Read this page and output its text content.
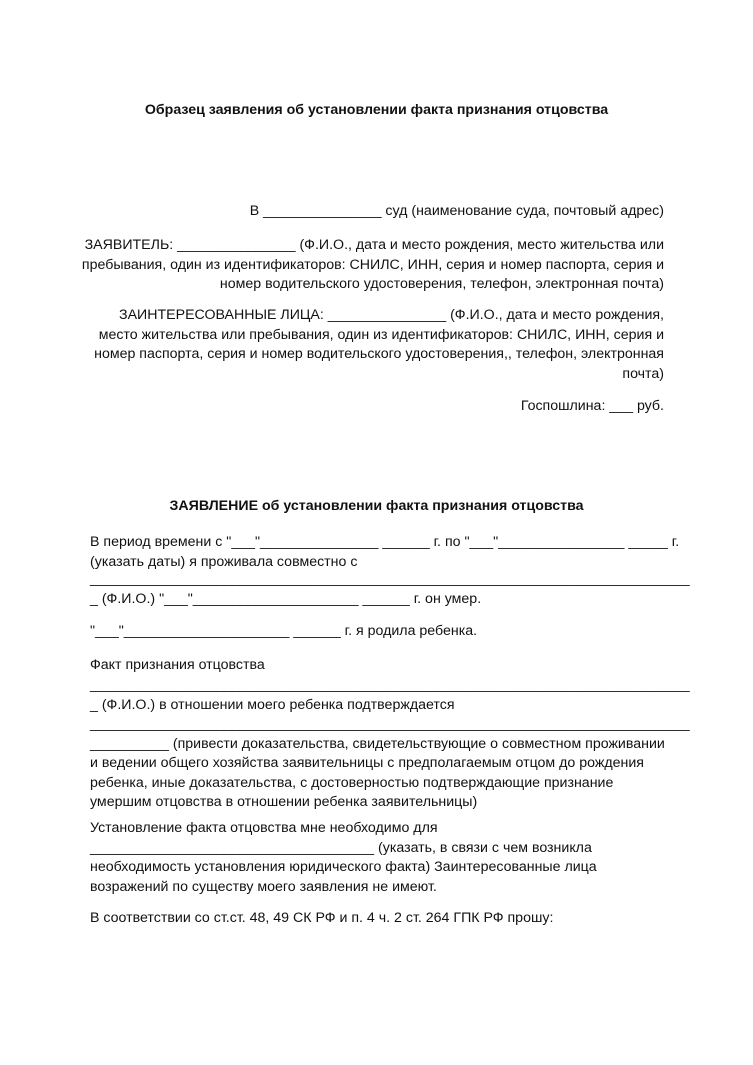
Образец заявления об установлении факта признания отцовства
В _______________ суд (наименование суда, почтовый адрес)
ЗАЯВИТЕЛЬ: _______________ (Ф.И.О., дата и место рождения, место жительства или
пребывания, один из идентификаторов: СНИЛС, ИНН, серия и номер паспорта, серия и
номер водительского удостоверения, телефон, электронная почта)
ЗАИНТЕРЕСОВАННЫЕ ЛИЦА: _______________ (Ф.И.О., дата и место рождения,
место жительства или пребывания, один из идентификаторов: СНИЛС, ИНН, серия и
номер паспорта, серия и номер водительского удостоверения,, телефон, электронная
почта)
Госпошлина: ___ руб.
ЗАЯВЛЕНИЕ об установлении факта признания отцовства
В период времени с "___"_______________ ______ г. по "___"________________ _____ г.
(указать даты) я проживала совместно с
____________________________________________________________________________
_ (Ф.И.О.) "___"_____________________ ______ г. он умер.
"___"_____________________ ______ г. я родила ребенка.
Факт признания отцовства
____________________________________________________________________________
_ (Ф.И.О.) в отношении моего ребенка подтверждается
____________________________________________________________________________
__________ (привести доказательства, свидетельствующие о совместном проживании
и ведении общего хозяйства заявительницы с предполагаемым отцом до рождения
ребенка, иные доказательства, с достоверностью подтверждающие признание
умершим отцовства в отношении ребенка заявительницы)
Установление факта отцовства мне необходимо для
____________________________________ (указать, в связи с чем возникла
необходимость установления юридического факта) Заинтересованные лица
возражений по существу моего заявления не имеют.
В соответствии со ст.ст. 48, 49 СК РФ и п. 4 ч. 2 ст. 264 ГПК РФ прошу:
